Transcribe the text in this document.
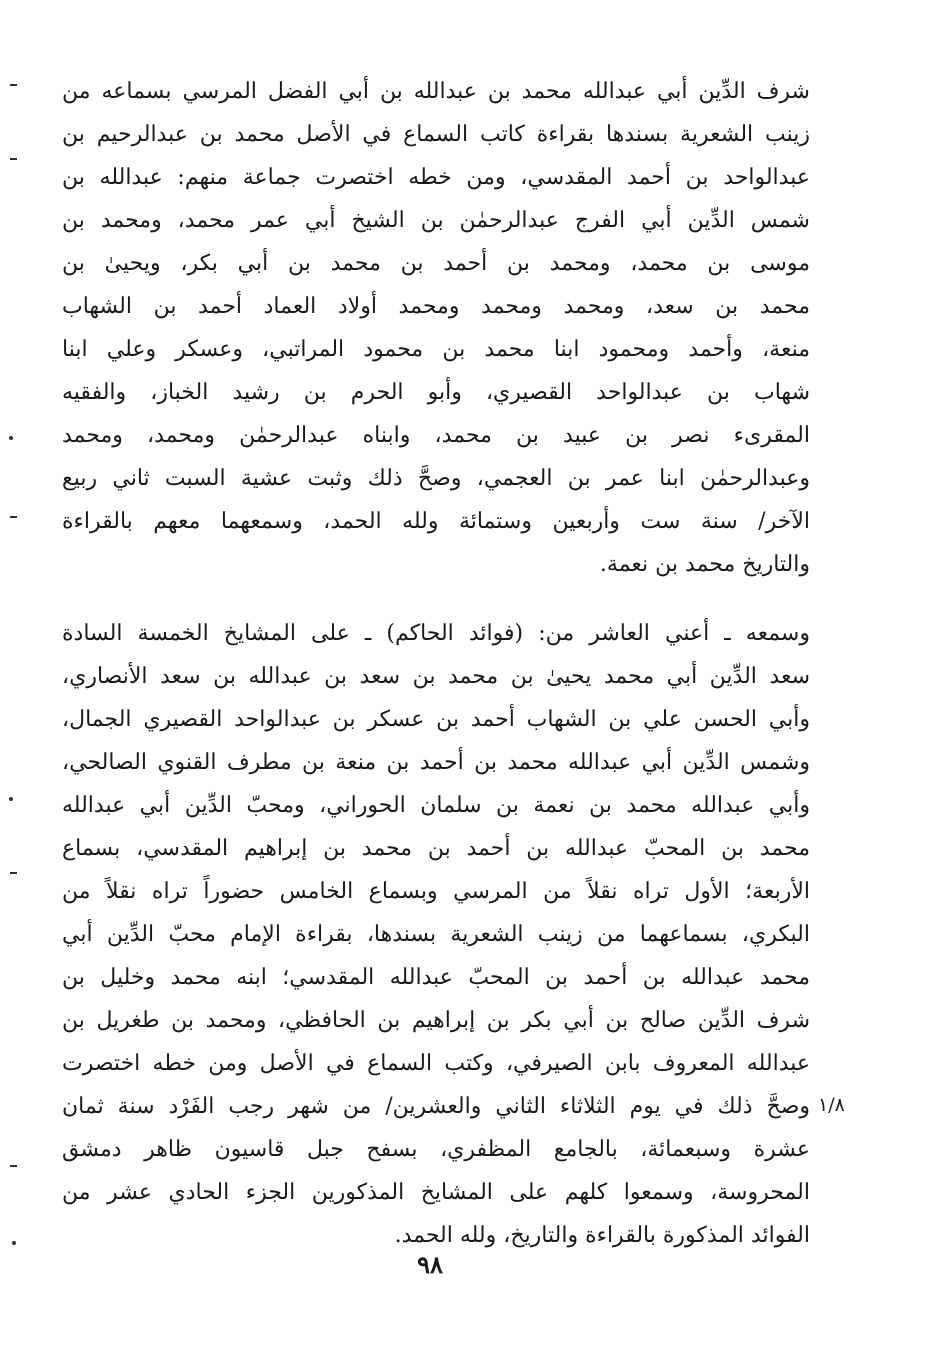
شرف الدِّين أبي عبدالله محمد بن عبدالله بن أبي الفضل المرسي بسماعه من
زينب الشعرية بسندها بقراءة كاتب السماع في الأصل محمد بن عبدالرحيم بن
عبدالواحد بن أحمد المقدسي، ومن خطه اختصرت جماعة منهم: عبدالله بن
شمس الدِّين أبي الفرج عبدالرحمٰن بن الشيخ أبي عمر محمد، ومحمد بن
موسى بن محمد، ومحمد بن أحمد بن محمد بن أبي بكر، ويحيىٰ بن
محمد بن سعد، ومحمد ومحمد ومحمد أولاد العماد أحمد بن الشهاب
منعة، وأحمد ومحمود ابنا محمد بن محمود المراتبي، وعسكر وعلي ابنا
شهاب بن عبدالواحد القصيري، وأبو الحرم بن رشيد الخباز، والفقيه
المقرىء نصر بن عبيد بن محمد، وابناه عبدالرحمٰن ومحمد، ومحمد
وعبدالرحمٰن ابنا عمر بن العجمي، وصحَّ ذلك وثبت عشية السبت ثاني ربيع
الآخر/ سنة ست وأربعين وستمائة ولله الحمد، وسمعهما معهم بالقراءة
والتاريخ محمد بن نعمة.
وسمعه ـ أعني العاشر من: (فوائد الحاكم) ـ على المشايخ الخمسة السادة
سعد الدِّين أبي محمد يحيىٰ بن محمد بن سعد بن عبدالله بن سعد الأنصاري،
وأبي الحسن علي بن الشهاب أحمد بن عسكر بن عبدالواحد القصيري الجمال،
وشمس الدِّين أبي عبدالله محمد بن أحمد بن منعة بن مطرف القنوي الصالحي،
وأبي عبدالله محمد بن نعمة بن سلمان الحوراني، ومحبّ الدِّين أبي عبدالله
محمد بن المحبّ عبدالله بن أحمد بن محمد بن إبراهيم المقدسي، بسماع
الأربعة؛ الأول تراه نقلاً من المرسي وبسماع الخامس حضوراً تراه نقلاً من
البكري، بسماعهما من زينب الشعرية بسندها، بقراءة الإمام محبّ الدِّين أبي
محمد عبدالله بن أحمد بن المحبّ عبدالله المقدسي؛ ابنه محمد وخليل بن
شرف الدِّين صالح بن أبي بكر بن إبراهيم بن الحافظي، ومحمد بن طغريل بن
عبدالله المعروف بابن الصيرفي، وكتب السماع في الأصل ومن خطه اختصرت
وصحَّ ذلك في يوم الثلاثاء الثاني والعشرين/ من شهر رجب الفَرْد سنة ثمان
عشرة وسبعمائة، بالجامع المظفري، بسفح جبل قاسيون ظاهر دمشق
المحروسة، وسمعوا كلهم على المشايخ المذكورين الجزء الحادي عشر من
الفوائد المذكورة بالقراءة والتاريخ، ولله الحمد.
١/٨
٩٨
